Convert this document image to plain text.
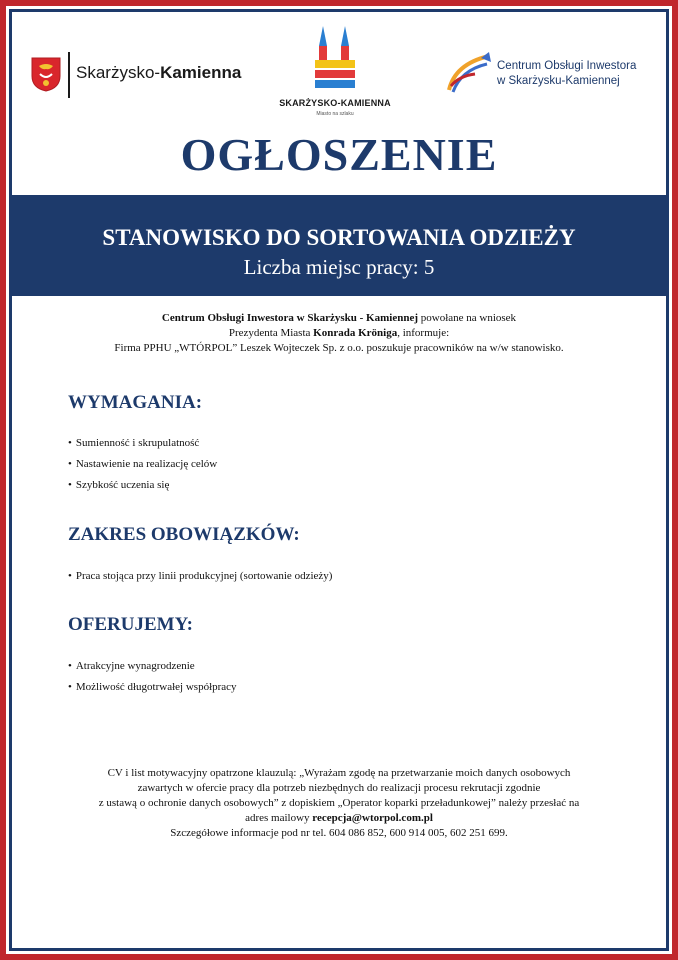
Skarżysko-Kamienna
SKARŻYSKO-KAMIENNA
Miasto na szlaku
Centrum Obsługi Inwestora
w Skarżysku-Kamiennej
OGŁOSZENIE
STANOWISKO DO SORTOWANIA ODZIEŻY
Liczba miejsc pracy: 5
Centrum Obsługi Inwestora w Skarżysku - Kamiennej powołane na wniosek
Prezydenta Miasta Konrada Kröniga, informuje:
Firma PPHU „WTÓRPOL” Leszek Wojteczek Sp. z o.o. poszukuje pracowników na w/w stanowisko.
WYMAGANIA:
• Sumienność i skrupulatność
• Nastawienie na realizację celów
• Szybkość uczenia się
ZAKRES OBOWIĄZKÓW:
• Praca stojąca przy linii produkcyjnej (sortowanie odzieży)
OFERUJEMY:
• Atrakcyjne wynagrodzenie
• Możliwość długotrwałej współpracy
CV i list motywacyjny opatrzone klauzulą: „Wyrażam zgodę na przetwarzanie moich danych osobowych
zawartych w ofercie pracy dla potrzeb niezbędnych do realizacji procesu rekrutacji zgodnie
z ustawą o ochronie danych osobowych” z dopiskiem „Operator koparki przeładunkowej” należy przesłać na
adres mailowy recepcja@wtorpol.com.pl
Szczegółowe informacje pod nr tel. 604 086 852, 600 914 005, 602 251 699.
